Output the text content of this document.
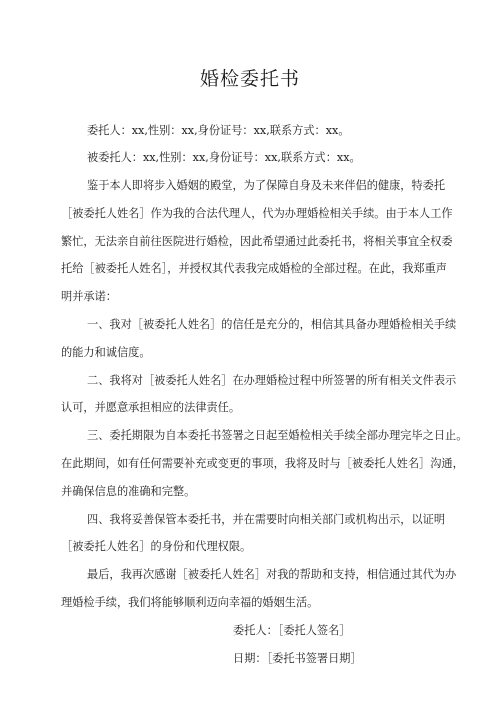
婚检委托书
委托人：xx,性别：xx,身份证号：xx,联系方式：xx。
被委托人：xx,性别：xx,身份证号：xx,联系方式：xx。
鉴于本人即将步入婚姻的殿堂，为了保障自身及未来伴侣的健康，特委托
［被委托人姓名］作为我的合法代理人，代为办理婚检相关手续。由于本人工作
繁忙，无法亲自前往医院进行婚检，因此希望通过此委托书，将相关事宜全权委
托给［被委托人姓名］，并授权其代表我完成婚检的全部过程。在此，我郑重声
明并承诺：
一、我对［被委托人姓名］的信任是充分的，相信其具备办理婚检相关手续
的能力和诚信度。
二、我将对［被委托人姓名］在办理婚检过程中所签署的所有相关文件表示
认可，并愿意承担相应的法律责任。
三、委托期限为自本委托书签署之日起至婚检相关手续全部办理完毕之日止。
在此期间，如有任何需要补充或变更的事项，我将及时与［被委托人姓名］沟通，
并确保信息的准确和完整。
四、我将妥善保管本委托书，并在需要时向相关部门或机构出示，以证明
［被委托人姓名］的身份和代理权限。
最后，我再次感谢［被委托人姓名］对我的帮助和支持，相信通过其代为办
理婚检手续，我们将能够顺利迈向幸福的婚姻生活。
委托人：［委托人签名］
日期：［委托书签署日期］
